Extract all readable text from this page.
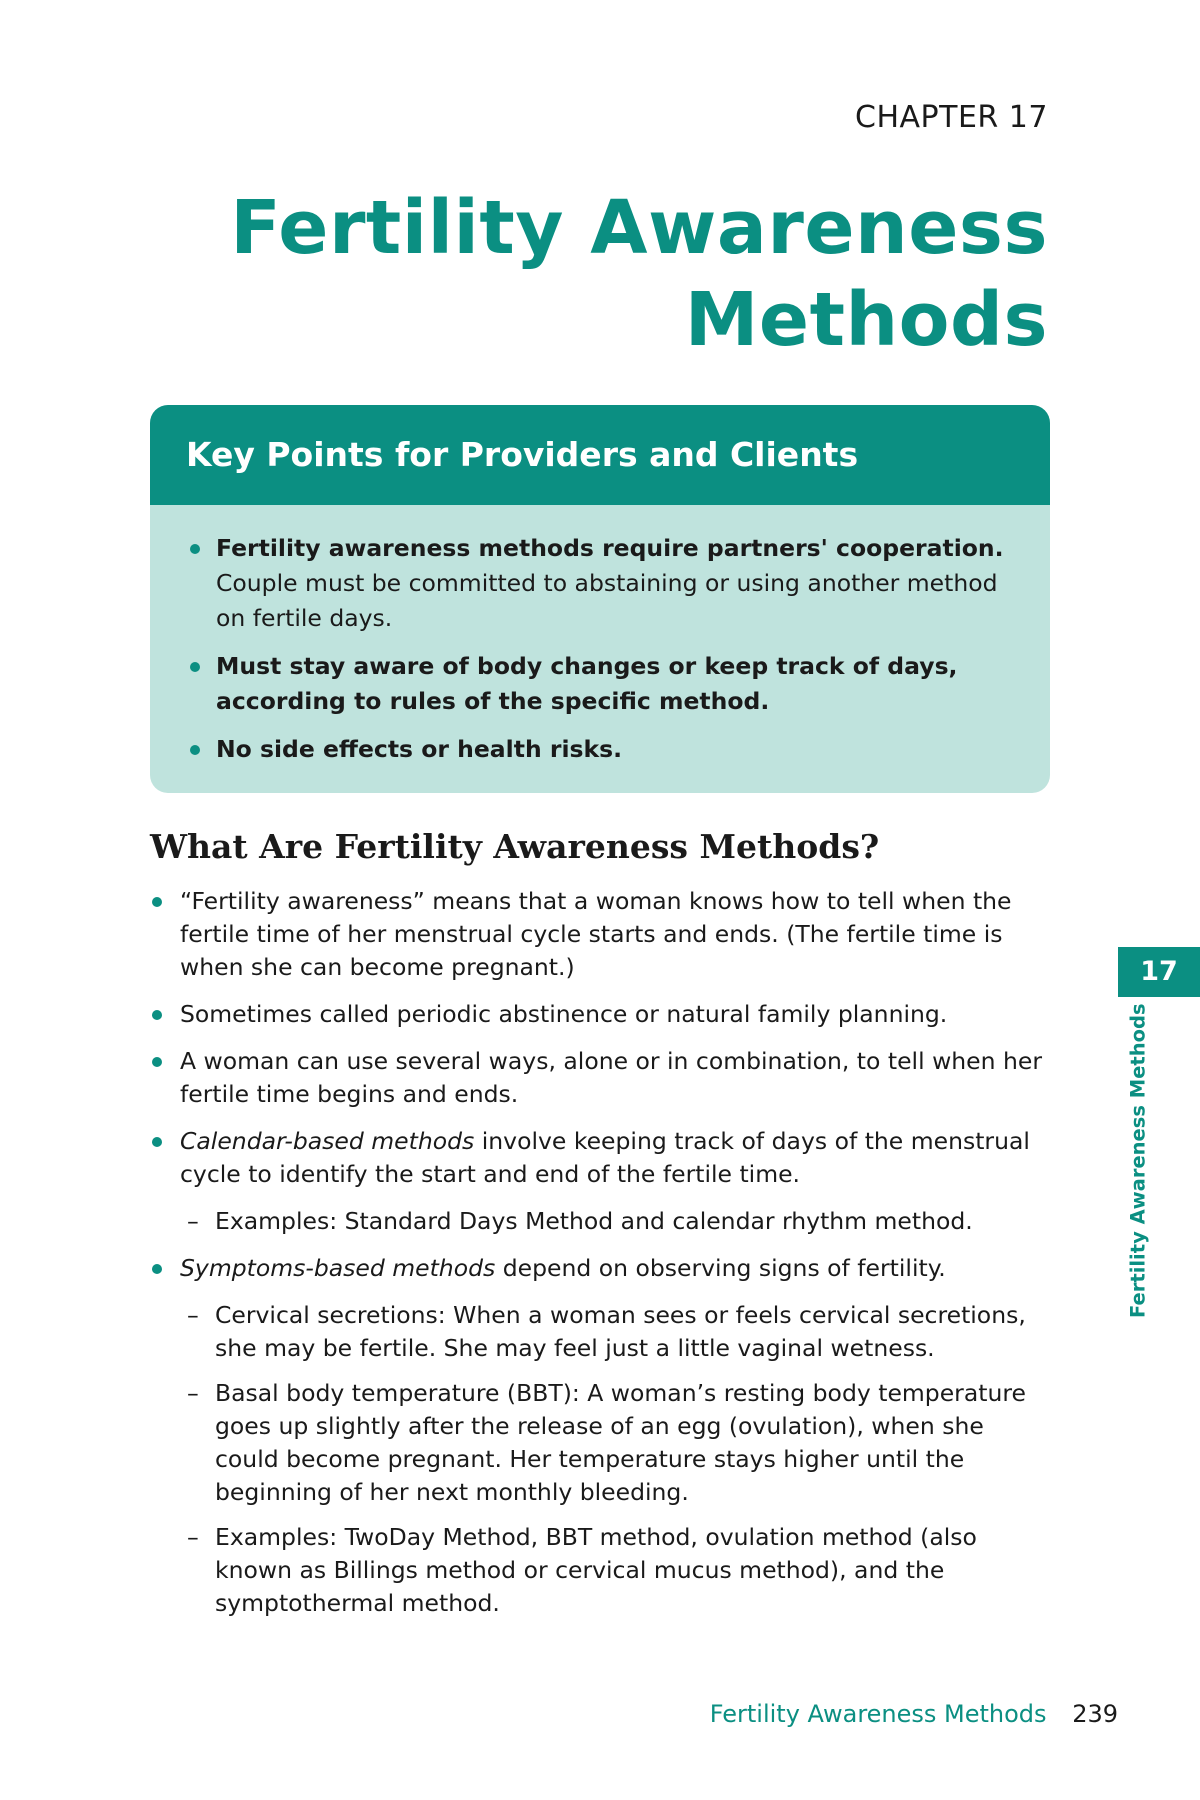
CHAPTER 17
Fertility Awareness
Methods
Key Points for Providers and Clients
Fertility awareness methods require partners' cooperation. Couple must be committed to abstaining or using another method on fertile days.
Must stay aware of body changes or keep track of days, according to rules of the specific method.
No side effects or health risks.
What Are Fertility Awareness Methods?
“Fertility awareness” means that a woman knows how to tell when the fertile time of her menstrual cycle starts and ends. (The fertile time is when she can become pregnant.)
Sometimes called periodic abstinence or natural family planning.
A woman can use several ways, alone or in combination, to tell when her fertile time begins and ends.
Calendar-based methods involve keeping track of days of the menstrual cycle to identify the start and end of the fertile time.
– Examples: Standard Days Method and calendar rhythm method.
Symptoms-based methods depend on observing signs of fertility.
– Cervical secretions: When a woman sees or feels cervical secretions, she may be fertile. She may feel just a little vaginal wetness.
– Basal body temperature (BBT): A woman’s resting body temperature goes up slightly after the release of an egg (ovulation), when she could become pregnant. Her temperature stays higher until the beginning of her next monthly bleeding.
– Examples: TwoDay Method, BBT method, ovulation method (also known as Billings method or cervical mucus method), and the symptothermal method.
17
Fertility Awareness Methods
Fertility Awareness Methods 239
